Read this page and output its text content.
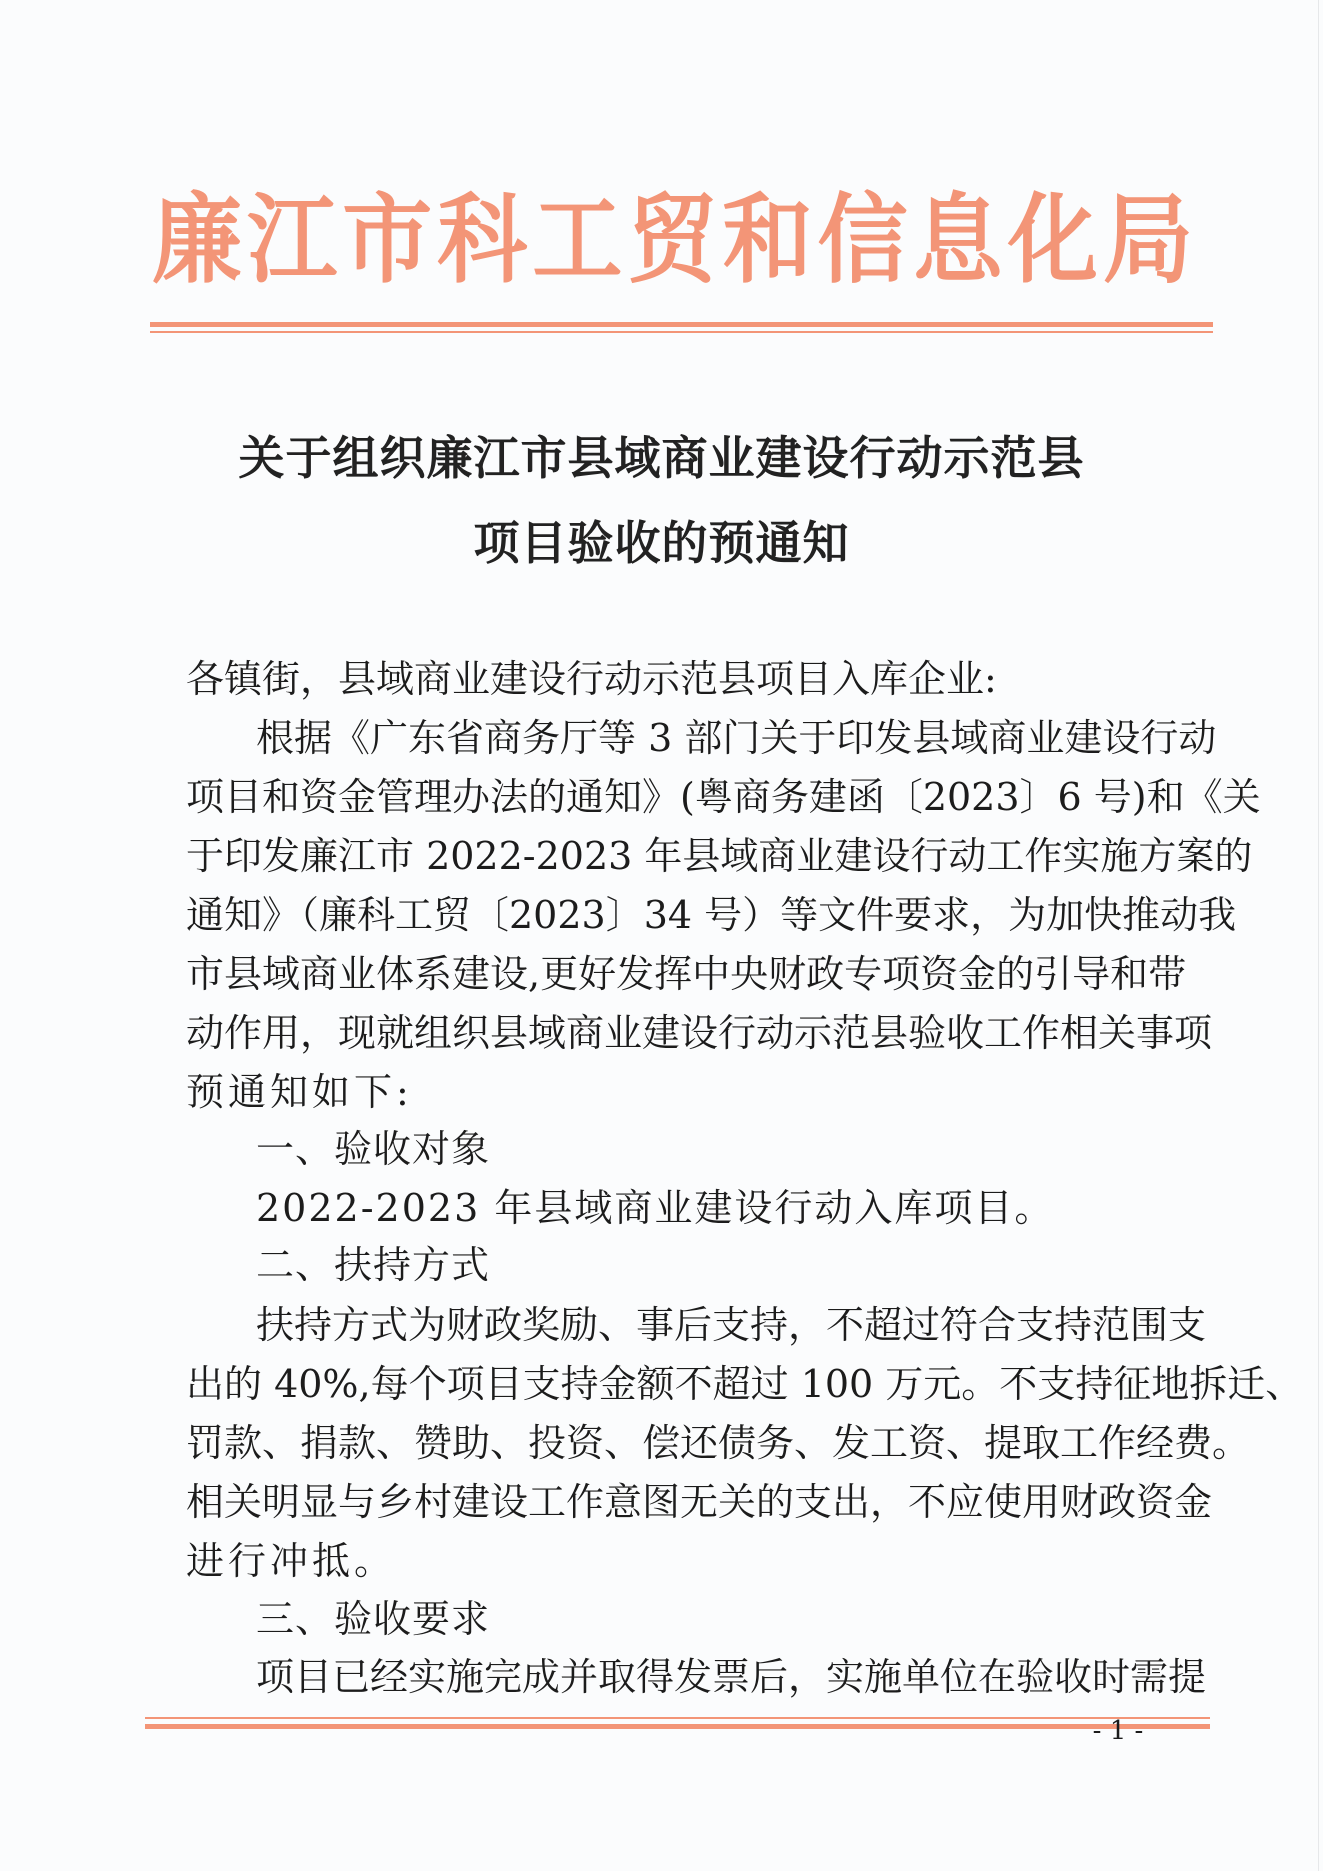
廉 江 市 科 工 贸 和 信 息 化 局
关于组织廉江市县域商业建设行动示范县
项目验收的预通知
各镇街，县域商业建设行动示范县项目入库企业:
根据《广东省商务厅等 3 部门关于印发县域商业建设行动
项目和资金管理办法的通知》(粤商务建函〔2023〕6 号)和《关
于印发廉江市 2022-2023 年县域商业建设行动工作实施方案的
通知》（廉科工贸〔2023〕34 号）等文件要求，为加快推动我
市县域商业体系建设,更好发挥中央财政专项资金的引导和带
动作用，现就组织县域商业建设行动示范县验收工作相关事项
预通知如下:
一、验收对象
2022-2023 年县域商业建设行动入库项目。
二、扶持方式
扶持方式为财政奖励、事后支持，不超过符合支持范围支
出的 40%,每个项目支持金额不超过 100 万元。不支持征地拆迁、
罚款、捐款、赞助、投资、偿还债务、发工资、提取工作经费。
相关明显与乡村建设工作意图无关的支出，不应使用财政资金
进行冲抵。
三、验收要求
项目已经实施完成并取得发票后，实施单位在验收时需提
- 1 -
